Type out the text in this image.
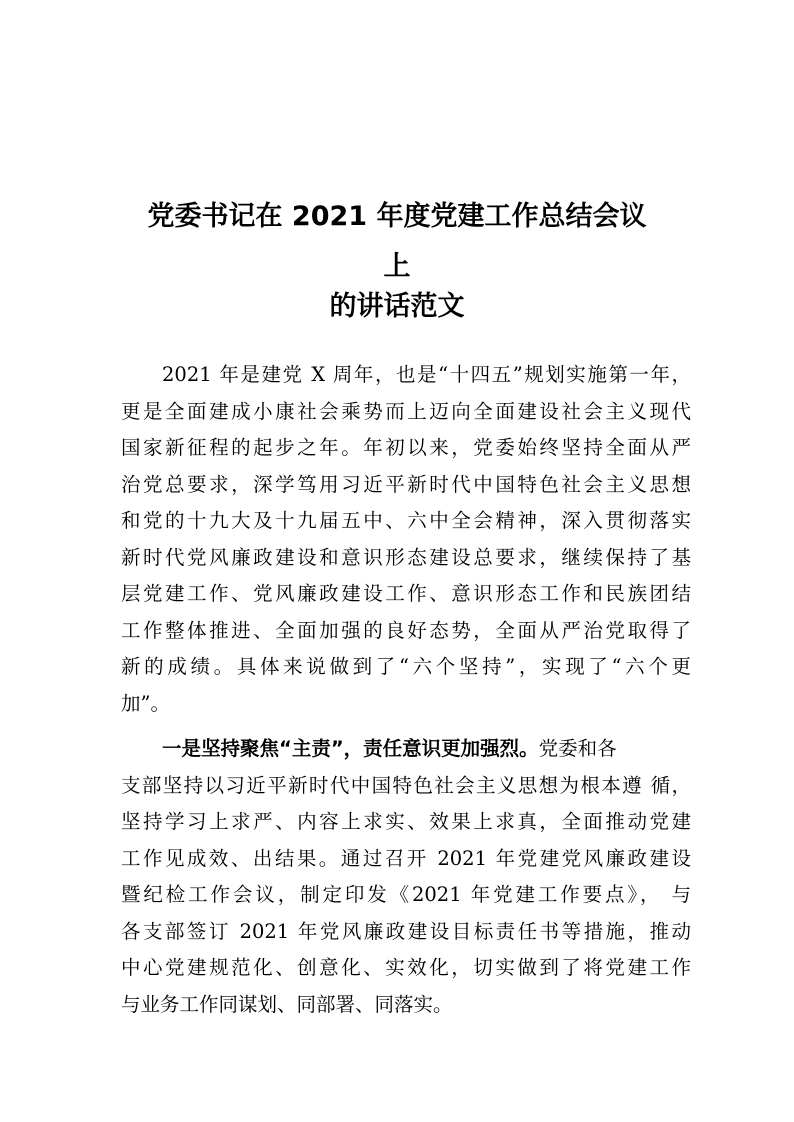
党委书记在 2021 年度党建工作总结会议
上
的讲话范文

2021 年是建党 X 周年，也是“十四五”规划实施第一年，
更是全面建成小康社会乘势而上迈向全面建设社会主义现代
国家新征程的起步之年。年初以来，党委始终坚持全面从严
治党总要求，深学笃用习近平新时代中国特色社会主义思想
和党的十九大及十九届五中、六中全会精神，深入贯彻落实
新时代党风廉政建设和意识形态建设总要求，继续保持了基
层党建工作、党风廉政建设工作、意识形态工作和民族团结
工作整体推进、全面加强的良好态势，全面从严治党取得了
新的成绩。具体来说做到了“六个坚持”，实现了“六个更
加”。

一是坚持聚焦“主责”，责任意识更加强烈。党委和各
支部坚持以习近平新时代中国特色社会主义思想为根本遵 循，
坚持学习上求严、内容上求实、效果上求真，全面推动党建
工作见成效、出结果。通过召开 2021 年党建党风廉政建设
暨纪检工作会议，制定印发《2021 年党建工作要点》， 与
各支部签订 2021 年党风廉政建设目标责任书等措施，推动
中心党建规范化、创意化、实效化，切实做到了将党建工作
与业务工作同谋划、同部署、同落实。
